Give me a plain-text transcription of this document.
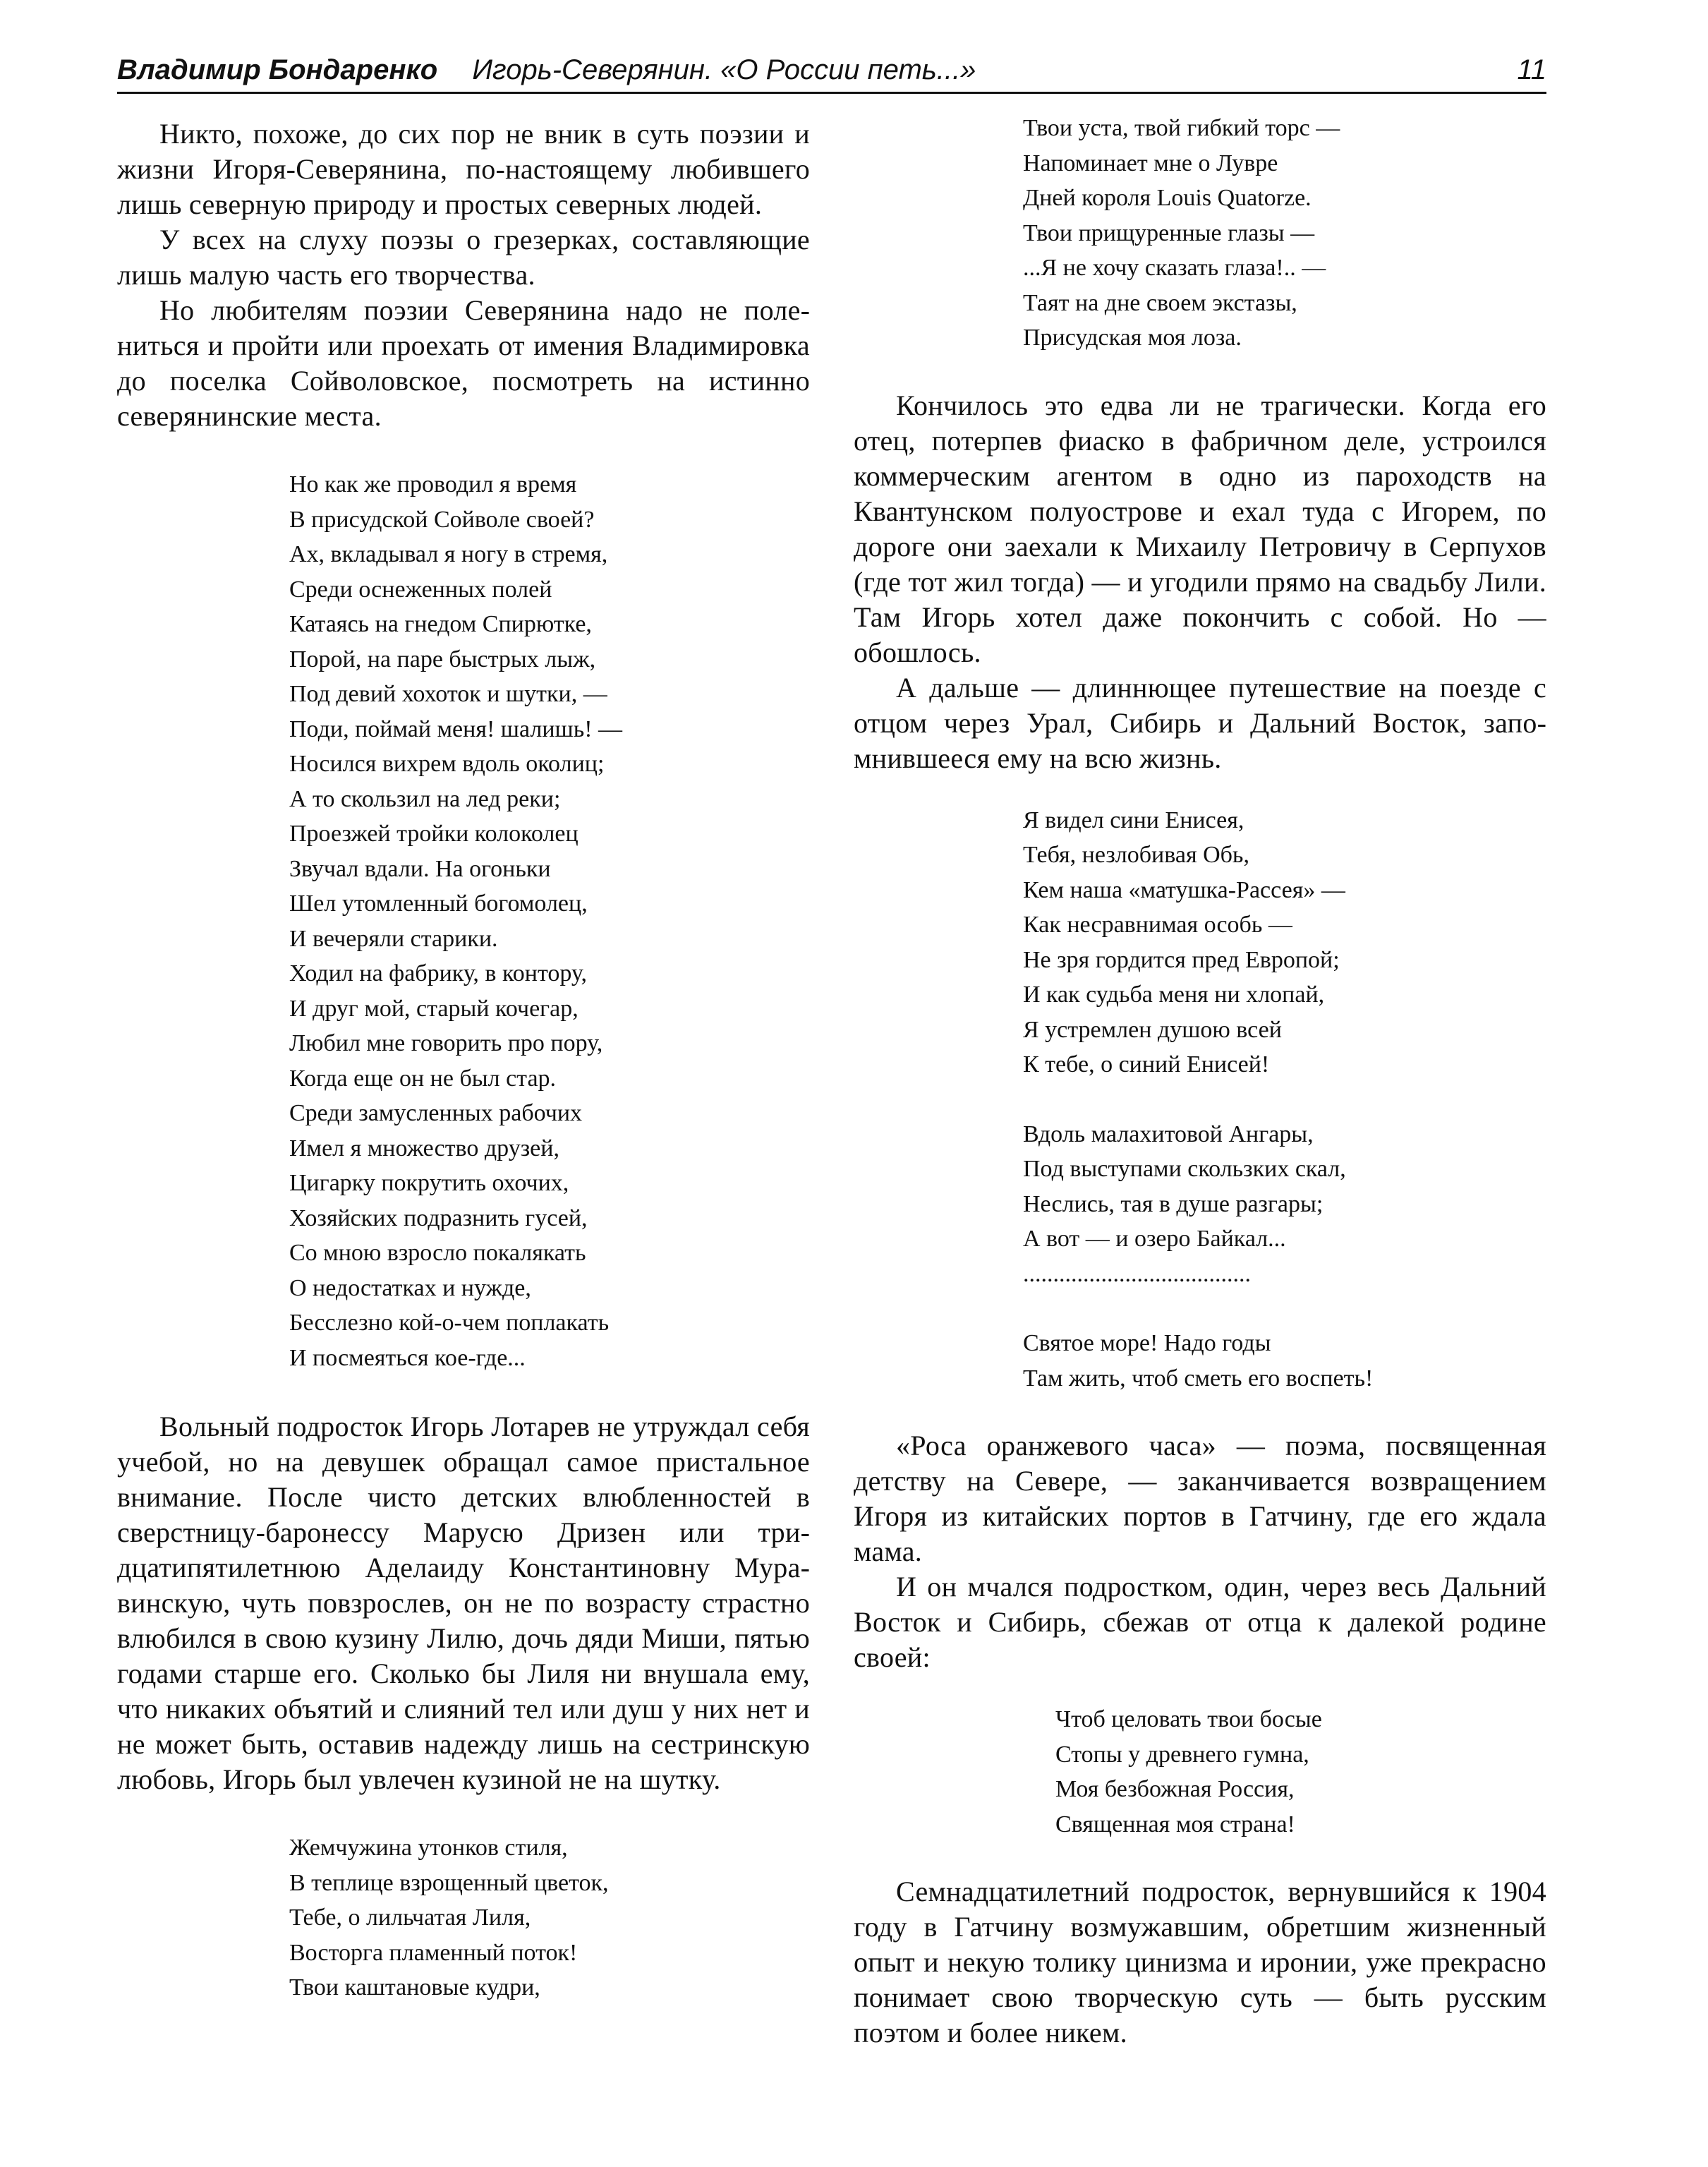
Владимир Бондаренко Игорь-Северянин. «О России петь...»	11

Никто, похоже, до сих пор не вник в суть поэзии и жизни Игоря-Северянина, по-настоящему любившего лишь северную природу и простых северных людей.

У всех на слуху поэзы о грезерках, составляющие лишь малую часть его творчества.

Но любителям поэзии Северянина надо не полениться и пройти или проехать от имения Владимировка до поселка Сойволовское, посмотреть на истинно северянинские места.

Но как же проводил я время
В присудской Сойволе своей?
Ах, вкладывал я ногу в стремя,
Среди оснеженных полей
Катаясь на гнедом Спирютке,
Порой, на паре быстрых лыж,
Под девий хохоток и шутки, —
Поди, поймай меня! шалишь! —
Носился вихрем вдоль околиц;
А то скользил на лед реки;
Проезжей тройки колоколец
Звучал вдали. На огоньки
Шел утомленный богомолец,
И вечеряли старики.
Ходил на фабрику, в контору,
И друг мой, старый кочегар,
Любил мне говорить про пору,
Когда еще он не был стар.
Среди замусленных рабочих
Имел я множество друзей,
Цигарку покрутить охочих,
Хозяйских подразнить гусей,
Со мною взросло покалякать
О недостатках и нужде,
Бесслезно кой-о-чем поплакать
И посмеяться кое-где...

Вольный подросток Игорь Лотарев не утруждал себя учебой, но на девушек обращал самое пристальное внимание. После чисто детских влюбленностей в сверстницу-баронессу Марусю Дризен или тридцатипятилетнюю Аделаиду Константиновну Муравинскую, чуть повзрослев, он не по возрасту страстно влюбился в свою кузину Лилю, дочь дяди Миши, пятью годами старше его. Сколько бы Лиля ни внушала ему, что никаких объятий и слияний тел или душ у них нет и не может быть, оставив надежду лишь на сестринскую любовь, Игорь был увлечен кузиной не на шутку.

Жемчужина утонков стиля,
В теплице взрощенный цветок,
Тебе, о лильчатая Лиля,
Восторга пламенный поток!
Твои каштановые кудри,
Твои уста, твой гибкий торс —
Напоминает мне о Лувре
Дней короля Louis Quatorze.
Твои прищуренные глазы —
...Я не хочу сказать глаза!.. —
Таят на дне своем экстазы,
Присудская моя лоза.

Кончилось это едва ли не трагически. Когда его отец, потерпев фиаско в фабричном деле, устроился коммерческим агентом в одно из пароходств на Квантунском полуострове и ехал туда с Игорем, по дороге они заехали к Михаилу Петровичу в Серпухов (где тот жил тогда) — и угодили прямо на свадьбу Лили. Там Игорь хотел даже покончить с собой. Но — обошлось.

А дальше — длиннющее путешествие на поезде с отцом через Урал, Сибирь и Дальний Восток, запомнившееся ему на всю жизнь.

Я видел сини Енисея,
Тебя, незлобивая Обь,
Кем наша «матушка-Рассея» —
Как несравнимая особь —
Не зря гордится пред Европой;
И как судьба меня ни хлопай,
Я устремлен душою всей
К тебе, о синий Енисей!
Вдоль малахитовой Ангары,
Под выступами скользких скал,
Неслись, тая в душе разгары;
А вот — и озеро Байкал...
......................................
Святое море! Надо годы
Там жить, чтоб сметь его воспеть!

«Роса оранжевого часа» — поэма, посвященная детству на Севере, — заканчивается возвращением Игоря из китайских портов в Гатчину, где его ждала мама.

И он мчался подростком, один, через весь Дальний Восток и Сибирь, сбежав от отца к далекой родине своей:

Чтоб целовать твои босые
Стопы у древнего гумна,
Моя безбожная Россия,
Священная моя страна!

Семнадцатилетний подросток, вернувшийся к 1904 году в Гатчину возмужавшим, обретшим жизненный опыт и некую толику цинизма и иронии, уже прекрасно понимает свою творческую суть — быть русским поэтом и более никем.
